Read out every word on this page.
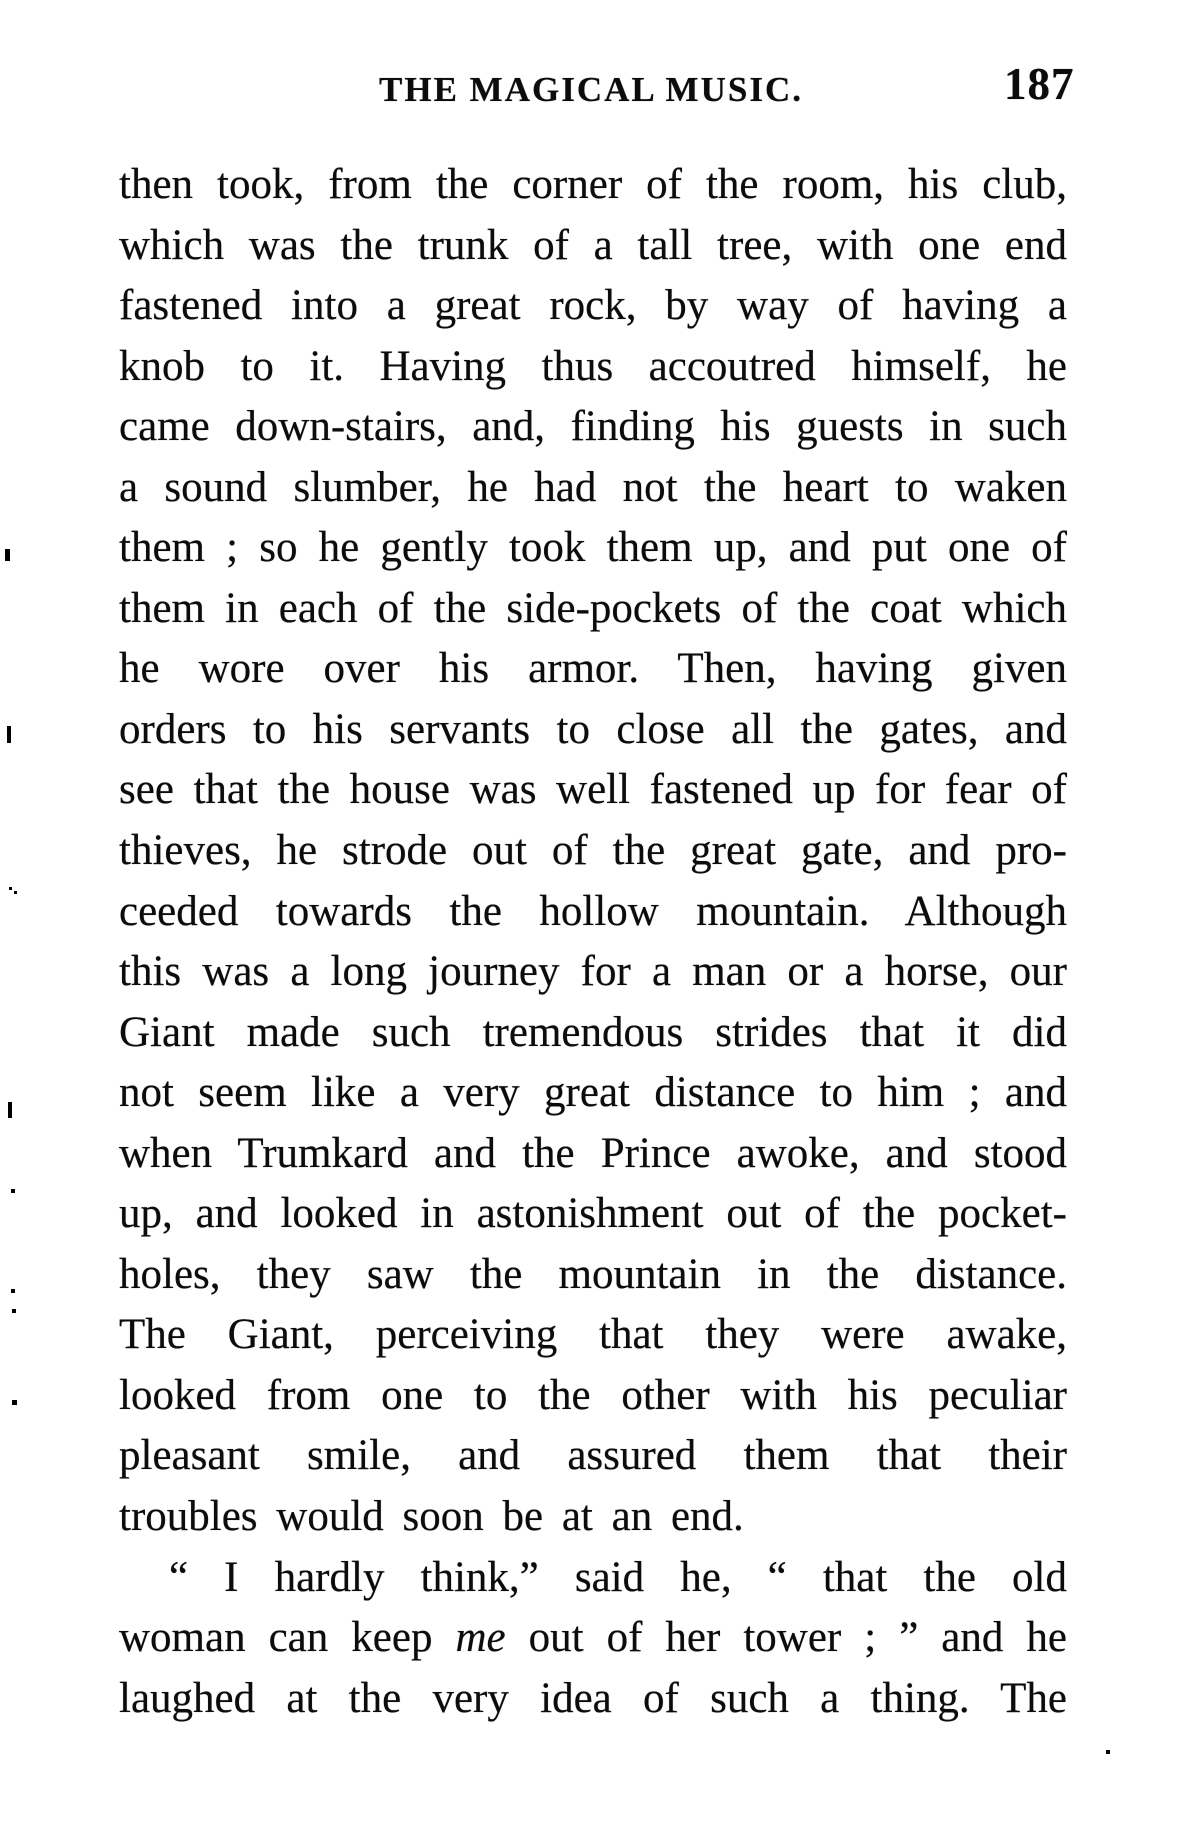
THE MAGICAL MUSIC.	187
then took, from the corner of the room, his club,
which was the trunk of a tall tree, with one end
fastened into a great rock, by way of having a
knob to it. Having thus accoutred himself, he
came down-stairs, and, finding his guests in such
a sound slumber, he had not the heart to waken
them ; so he gently took them up, and put one of
them in each of the side-pockets of the coat which
he wore over his armor. Then, having given
orders to his servants to close all the gates, and
see that the house was well fastened up for fear of
thieves, he strode out of the great gate, and pro-
ceeded towards the hollow mountain. Although
this was a long journey for a man or a horse, our
Giant made such tremendous strides that it did
not seem like a very great distance to him ; and
when Trumkard and the Prince awoke, and stood
up, and looked in astonishment out of the pocket-
holes, they saw the mountain in the distance.
The Giant, perceiving that they were awake,
looked from one to the other with his peculiar
pleasant smile, and assured them that their
troubles would soon be at an end.
“ I hardly think,” said he, “ that the old
woman can keep me out of her tower ; ” and he
laughed at the very idea of such a thing. The
